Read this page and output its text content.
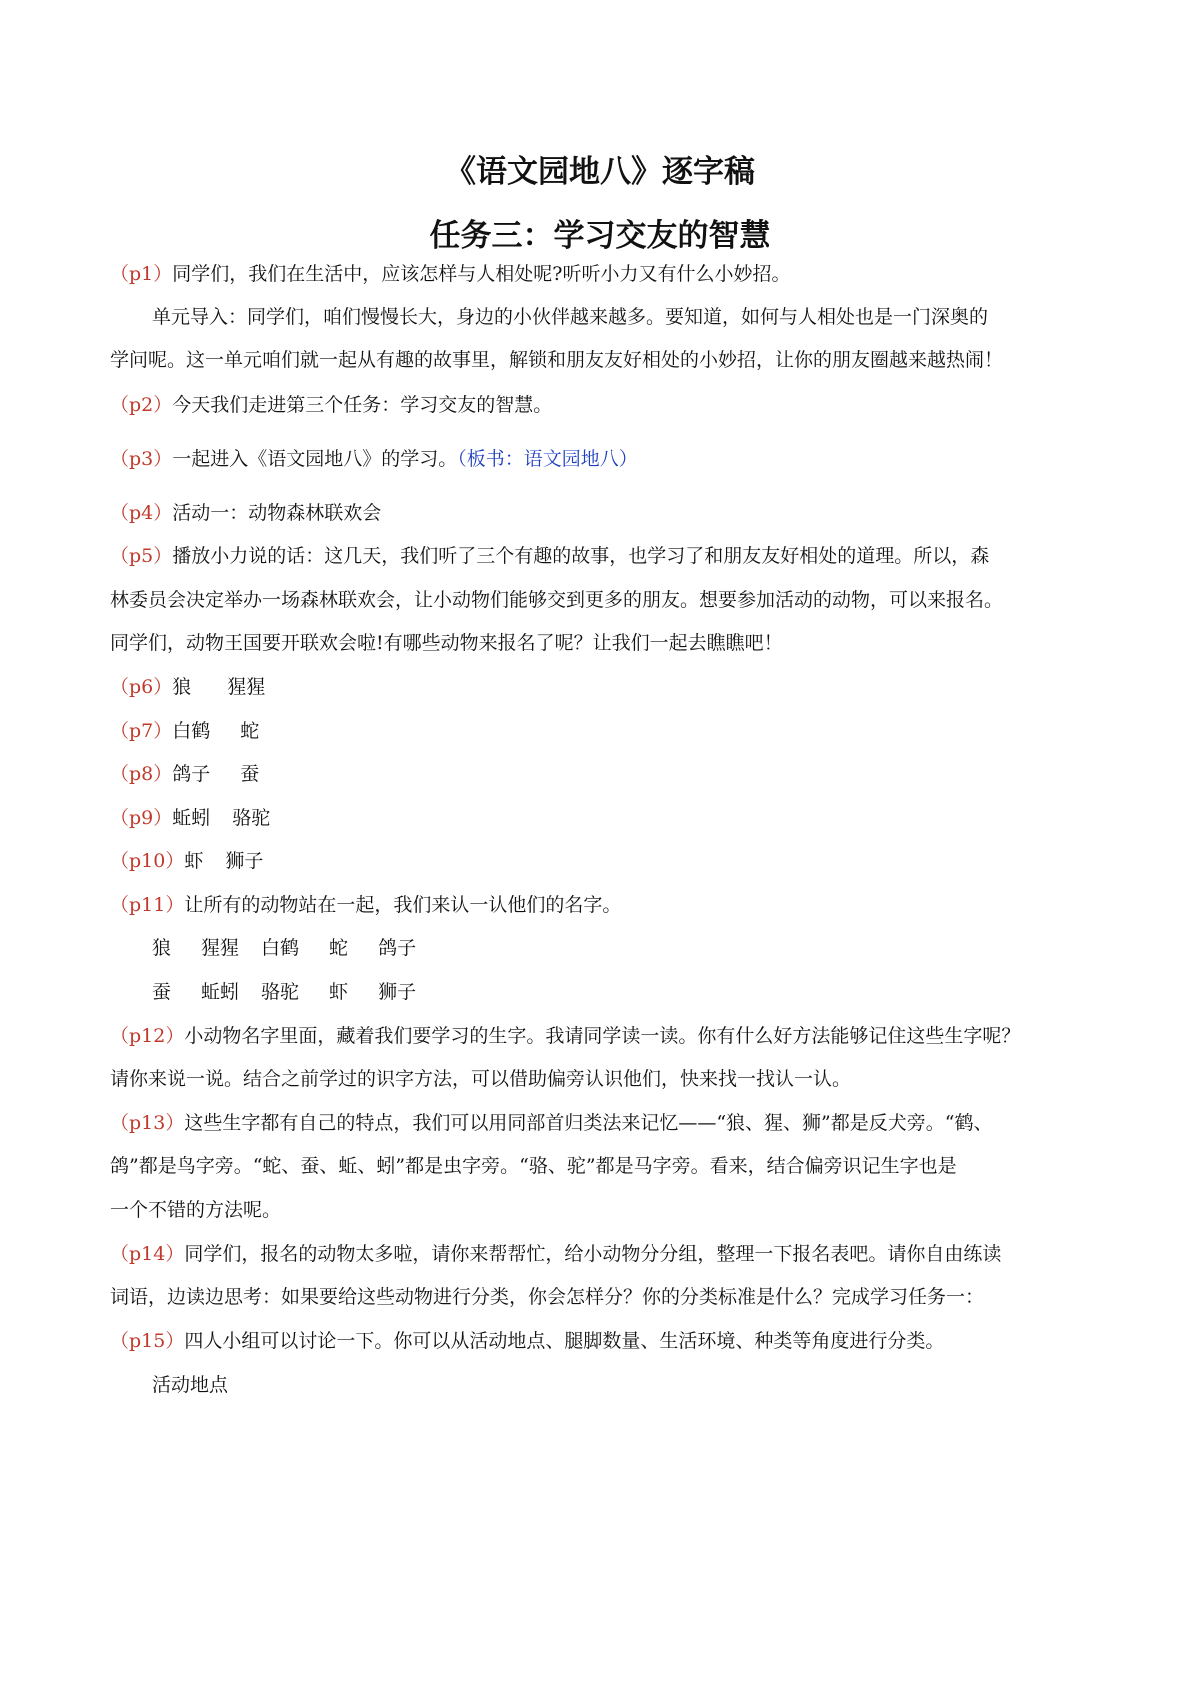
《语文园地八》逐字稿
任务三：学习交友的智慧

（p1）同学们，我们在生活中，应该怎样与人相处呢?听听小力又有什么小妙招。

单元导入：同学们，咱们慢慢长大，身边的小伙伴越来越多。要知道，如何与人相处也是一门深奥的

学问呢。这一单元咱们就一起从有趣的故事里，解锁和朋友友好相处的小妙招，让你的朋友圈越来越热闹！

（p2）今天我们走进第三个任务：学习交友的智慧。

（p3）一起进入《语文园地八》的学习。（板书：语文园地八）

（p4）活动一：动物森林联欢会

（p5）播放小力说的话：这几天，我们听了三个有趣的故事，也学习了和朋友友好相处的道理。所以，森

林委员会决定举办一场森林联欢会，让小动物们能够交到更多的朋友。想要参加活动的动物，可以来报名。

同学们，动物王国要开联欢会啦!有哪些动物来报名了呢？让我们一起去瞧瞧吧！

（p6）狼 猩猩

（p7）白鹤 蛇

（p8）鸽子 蚕

（p9）蚯蚓 骆驼

（p10）虾 狮子

（p11）让所有的动物站在一起，我们来认一认他们的名字。

狼 猩猩 白鹤 蛇 鸽子

蚕 蚯蚓 骆驼 虾 狮子

（p12）小动物名字里面，藏着我们要学习的生字。我请同学读一读。你有什么好方法能够记住这些生字呢？

请你来说一说。结合之前学过的识字方法，可以借助偏旁认识他们，快来找一找认一认。

（p13）这些生字都有自己的特点，我们可以用同部首归类法来记忆——“狼、猩、狮”都是反犬旁。“鹤、

鸽”都是鸟字旁。“蛇、蚕、蚯、蚓”都是虫字旁。“骆、驼”都是马字旁。看来，结合偏旁识记生字也是

一个不错的方法呢。

（p14）同学们，报名的动物太多啦，请你来帮帮忙，给小动物分分组，整理一下报名表吧。请你自由练读

词语，边读边思考：如果要给这些动物进行分类，你会怎样分？你的分类标准是什么？完成学习任务一：

（p15）四人小组可以讨论一下。你可以从活动地点、腿脚数量、生活环境、种类等角度进行分类。

活动地点
